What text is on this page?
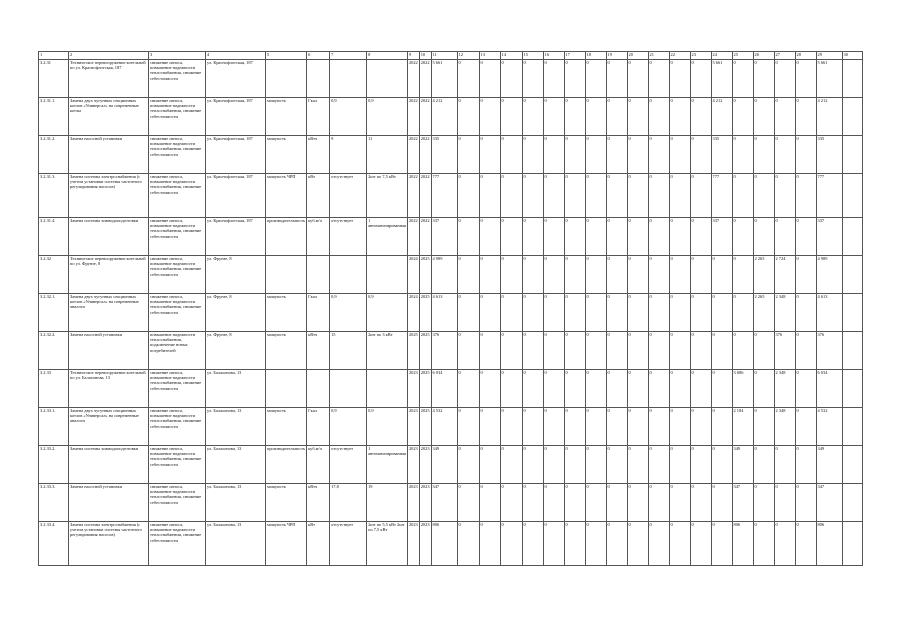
1	2	3	4	5	6	7	8	9	10	11	12	13	14	15	16	17	18	19	20	21	22	23	24	25	26	27	28	29	30
3.2.31	Техническое перевооружение котельной по ул. Краснофлотская, 187	снижение износа, повышение надежности теплоснабжения, снижение себестоимости	ул. Краснофлотская, 187					2022	2022	5 661	0	0	0	0	0	0	0	0	0	0	0	0	5 661	0	0	0	0	5 661	
3.2.31.1.	Замена двух чугунных секционных котлов «Универсал» на современные котлы	снижение износа, повышение надежности теплоснабжения, снижение себестоимости	ул. Краснофлотская, 187	мощность	Гкал	0,9	0,9	2022	2022	4 212	0	0	0	0	0	0	0	0	0	0	0	0	4 212	0	0	0	0	4 212	
3.2.31.2.	Замена насосной установки	снижение износа, повышение надежности теплоснабжения, снижение себестоимости	ул. Краснофлотская, 187	мощность	кВтч	9	11	2022	2022	335	0	0	0	0	0	0	0	0	0	0	0	0	335	0	0	0	0	335	
3.2.31.3.	Замена системы электроснабжения (с учетом установки системы частотного регулирования насосов)	снижение износа, повышение надежности теплоснабжения, снижение себестоимости	ул. Краснофлотская, 187	мощность ЧРП	кВт	отсутствует	2шт по 7,5 кВт	2022	2022	777	0	0	0	0	0	0	0	0	0	0	0	0	777	0	0	0	0	777	
3.2.31.4.	Замена системы химводоподготовки	снижение износа, повышение надежности теплоснабжения, снижение себестоимости	ул. Краснофлотская, 187	производительность	куб.м/ч	отсутствует	1 автоматизированная	2022	2022	337	0	0	0	0	0	0	0	0	0	0	0	0	337	0	0	0	0	337	
3.2.32	Техническое перевооружение котельной по ул. Фрунзе, 8	снижение износа, повышение надежности теплоснабжения, снижение себестоимости	ул. Фрунзе, 8					2024	2025	4 989	0	0	0	0	0	0	0	0	0	0	0	0	0	0	2 265	2 724	0	4 989	
3.2.32.1.	Замена двух чугунных секционных котлов «Универсал» на современные аналоги	снижение износа, повышение надежности теплоснабжения, снижение себестоимости	ул. Фрунзе, 8	мощность	Гкал	0,9	0,9	2024	2025	4 613	0	0	0	0	0	0	0	0	0	0	0	0	0	0	2 265	2 348	0	4 613	
3.2.32.2.	Замена насосной установки	повышение надежности теплоснабжения, подключение новых потребителей	ул. Фрунзе, 8	мощность	кВтч	15	2шт по 3 кВт	2025	2025	376	0	0	0	0	0	0	0	0	0	0	0	0	0	0	0	376	0	376	
3.2.33	Техническое перевооружение котельной по ул. Балахонова, 13	снижение износа, повышение надежности теплоснабжения, снижение себестоимости	ул. Балахонова, 13					2023	2025	6 034	0	0	0	0	0	0	0	0	0	0	0	0	0	3 686	0	2 348	0	6 034	
3.2.33.1.	Замена двух чугунных секционных котлов «Универсал» на современные аналоги	снижение износа, повышение надежности теплоснабжения, снижение себестоимости	ул. Балахонова, 13	мощность	Гкал	0,9	0,9	2023	2025	4 532	0	0	0	0	0	0	0	0	0	0	0	0	0	2 184	0	2 348	0	4 532	
3.2.33.2.	Замена системы химводоподготовки	снижение износа, повышение надежности теплоснабжения, снижение себестоимости	ул. Балахонова, 13	производительность	куб.м/ч	отсутствует	1 автоматизированная	2023	2023	349	0	0	0	0	0	0	0	0	0	0	0	0	0	349	0	0	0	349	
3.2.33.3.	Замена насосной установки	снижение износа, повышение надежности теплоснабжения, снижение себестоимости	ул. Балахонова, 13	мощность	кВтч	17,8	19	2023	2023	347	0	0	0	0	0	0	0	0	0	0	0	0	0	347	0	0	0	347	
3.2.33.4.	Замена системы электроснабжения (с учетом установки системы частотного регулирования насосов)	снижение износа, повышение надежности теплоснабжения, снижение себестоимости	ул. Балахонова, 13	мощность ЧРП	кВт	отсутствует	2шт по 5,5 кВт 2шт по 7,5 кВт	2023	2023	806	0	0	0	0	0	0	0	0	0	0	0	0	0	806	0	0	0	806	
